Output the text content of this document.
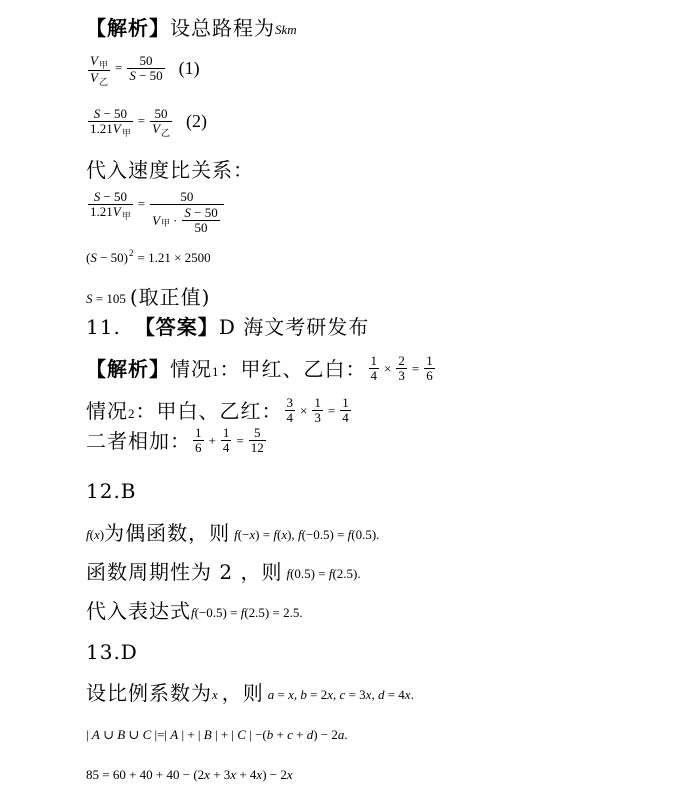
【解析】 设总路程为 Skm
$\frac{V_甲}{V_乙} = \frac{50}{S - 50} (1)$
$\frac{S - 50}{1.21V_甲} = \frac{50}{V_乙} (2)$
代入速度比关系：
$\frac{S - 50}{1.21V_甲} = \frac{50}{V 甲 \cdot \frac{S - 50}{50}}$
(S − 50) 2 = 1.21 × 2500
S = 105 (取正值)
11. 【答案】 D 海文考研发布
【解析】 情况 1 ：甲红、乙白： $\frac{1}{4} \times \frac{2}{3} = \frac{1}{6}$
情况 2 ：甲白、乙红： $\frac{3}{4} \times \frac{1}{3} = \frac{1}{4}$
二者相加： $\frac{1}{6} + \frac{1}{4} = \frac{5}{12}$
12.B
f(x) 为偶函数，则 f(−x) = f(x), f(−0.5) = f(0.5).
函数周期性为 2 ，则 f(0.5) = f(2.5).
代入表达式 f(−0.5) = f(2.5) = 2.5.
13.D
设比例系数为 x ，则 a = x, b = 2x, c = 3x, d = 4x.
| A ∪ B ∪ C |=| A | + | B | + | C | −(b + c + d) − 2a.
85 = 60 + 40 + 40 − (2x + 3x + 4x) − 2x
